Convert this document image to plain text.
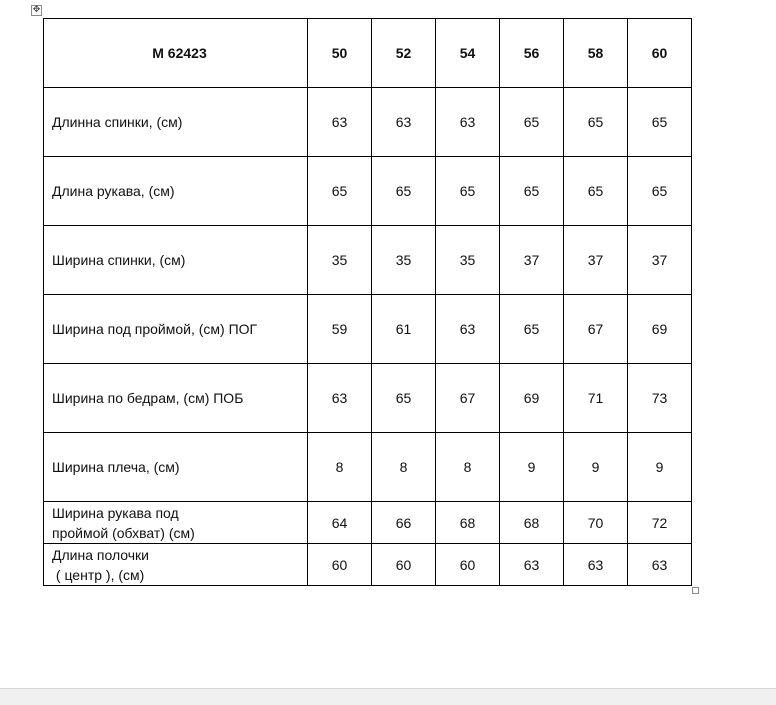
✥
М 62423	50	52	54	56	58	60
Длинна спинки, (см)	63	63	63	65	65	65
Длина рукава, (см)	65	65	65	65	65	65
Ширина спинки, (см)	35	35	35	37	37	37
Ширина под проймой, (см) ПОГ	59	61	63	65	67	69
Ширина по бедрам, (см) ПОБ	63	65	67	69	71	73
Ширина плеча, (см)	8	8	8	9	9	9

Ширина рукава под
проймой (обхват) (см)	64	66	68	68	70	72

Длина полочки
( центр ), (см)	60	60	60	63	63	63
